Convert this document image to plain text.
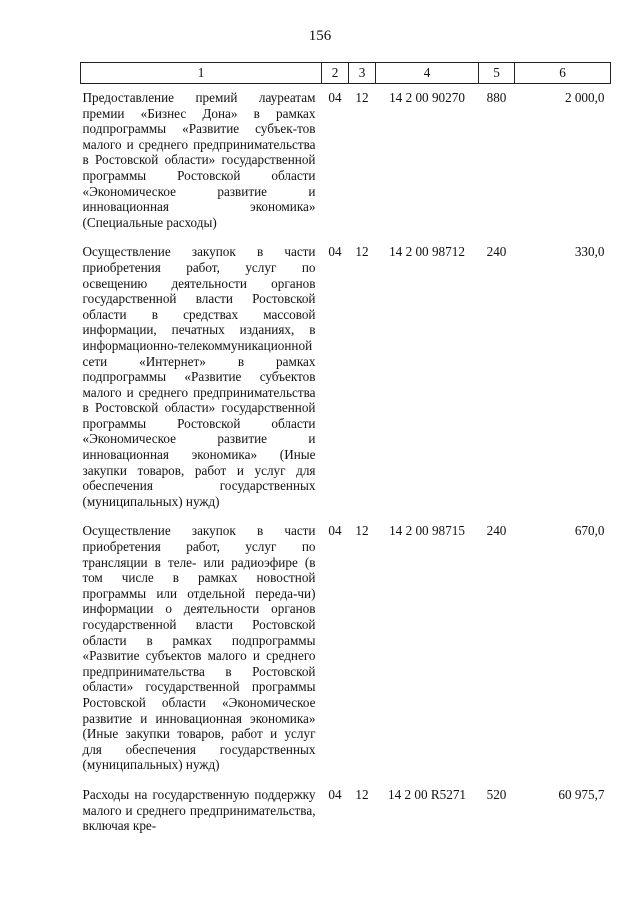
156
1	2	3	4	5	6
Предоставление премий лауреатам премии «Бизнес Дона» в рамках подпрограммы «Развитие субъек-тов малого и среднего предпринимательства в Ростовской области» государственной программы Ростовской области «Экономическое развитие и инновационная экономика» (Специальные расходы)	04	12	14 2 00 90270	880	2 000,0
Осуществление закупок в части приобретения работ, услуг по освещению деятельности органов государственной власти Ростовской области в средствах массовой информации, печатных изданиях, в информационно-телекоммуникационной сети «Интернет» в рамках подпрограммы «Развитие субъектов малого и среднего предпринимательства в Ростовской области» государственной программы Ростовской области «Экономическое развитие и инновационная экономика» (Иные закупки товаров, работ и услуг для обеспечения государственных (муниципальных) нужд)	04	12	14 2 00 98712	240	330,0
Осуществление закупок в части приобретения работ, услуг по трансляции в теле- или радиоэфире (в том числе в рамках новостной программы или отдельной переда-чи) информации о деятельности органов государственной власти Ростовской области в рамках подпрограммы «Развитие субъектов малого и среднего предпринимательства в Ростовской области» государственной программы Ростовской области «Экономическое развитие и инновационная экономика» (Иные закупки товаров, работ и услуг для обеспечения государственных (муниципальных) нужд)	04	12	14 2 00 98715	240	670,0
Расходы на государственную поддержку малого и среднего предпринимательства, включая кре-	04	12	14 2 00 R5271	520	60 975,7
